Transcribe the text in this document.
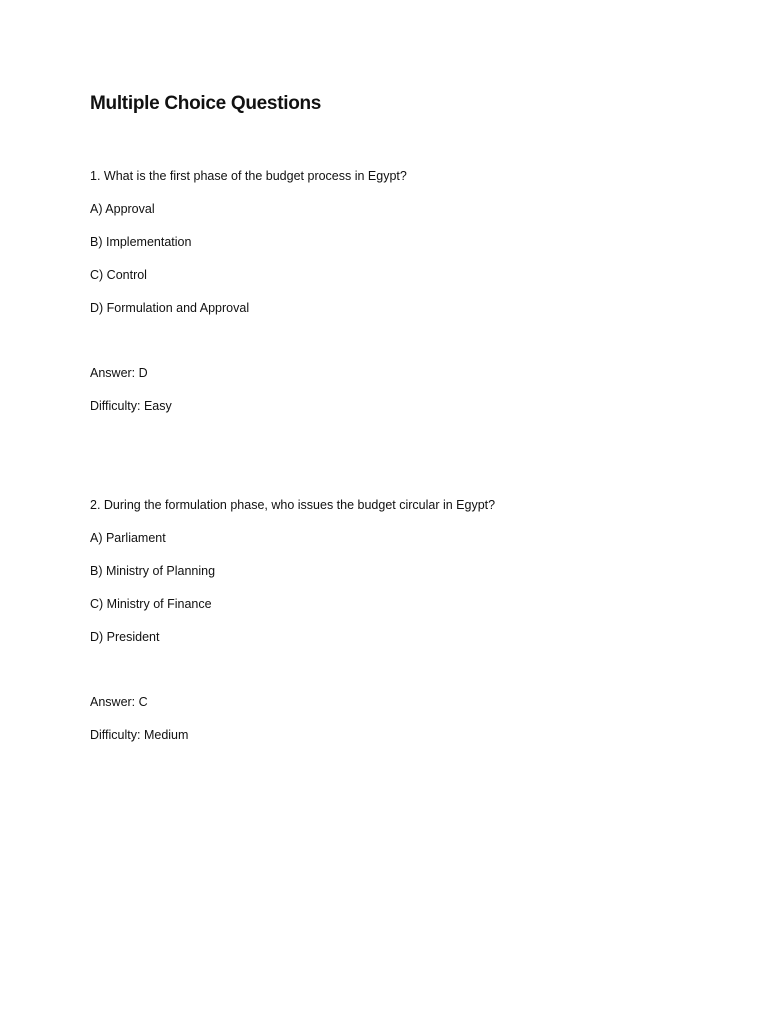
Multiple Choice Questions
1. What is the first phase of the budget process in Egypt?
A) Approval
B) Implementation
C) Control
D) Formulation and Approval
Answer: D
Difficulty: Easy
2. During the formulation phase, who issues the budget circular in Egypt?
A) Parliament
B) Ministry of Planning
C) Ministry of Finance
D) President
Answer: C
Difficulty: Medium
